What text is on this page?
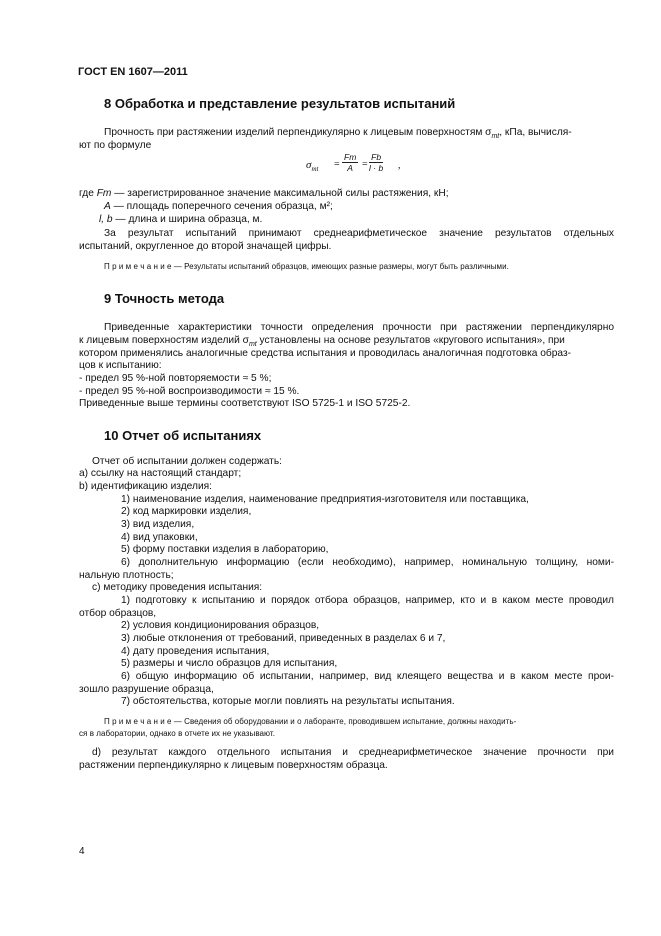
ГОСТ EN 1607—2011
8 Обработка и представление результатов испытаний
Прочность при растяжении изделий перпендикулярно к лицевым поверхностям $\sigma_{mt}$, кПа, вычисля-
ют по формуле
$\sigma_{mt} = \frac{Fm}{A} = \frac{Fb}{l \cdot b}$ ,
где Fm — зарегистрированное значение максимальной силы растяжения, кН;
A — площадь поперечного сечения образца, м²;
l, b — длина и ширина образца, м.
За результат испытаний принимают среднеарифметическое значение результатов отдельных
испытаний, округленное до второй значащей цифры.
П р и м е ч а н и е — Результаты испытаний образцов, имеющих разные размеры, могут быть различными.
9 Точность метода
Приведенные характеристики точности определения прочности при растяжении перпендикулярно
к лицевым поверхностям изделий $\sigma_{mt}$ установлены на основе результатов «кругового испытания», при
котором применялись аналогичные средства испытания и проводилась аналогичная подготовка образ-
цов к испытанию:
- предел 95 %-ной повторяемости ≈ 5 %;
- предел 95 %-ной воспроизводимости ≈ 15 %.
Приведенные выше термины соответствуют ISO 5725-1 и ISO 5725-2.
10 Отчет об испытаниях
Отчет об испытании должен содержать:
a) ссылку на настоящий стандарт;
b) идентификацию изделия:
1) наименование изделия, наименование предприятия-изготовителя или поставщика,
2) код маркировки изделия,
3) вид изделия,
4) вид упаковки,
5) форму поставки изделия в лабораторию,
6) дополнительную информацию (если необходимо), например, номинальную толщину, номи-
нальную плотность;
c) методику проведения испытания:
1) подготовку к испытанию и порядок отбора образцов, например, кто и в каком месте проводил
отбор образцов,
2) условия кондиционирования образцов,
3) любые отклонения от требований, приведенных в разделах 6 и 7,
4) дату проведения испытания,
5) размеры и число образцов для испытания,
6) общую информацию об испытании, например, вид клеящего вещества и в каком месте прои-
зошло разрушение образца,
7) обстоятельства, которые могли повлиять на результаты испытания.
П р и м е ч а н и е — Сведения об оборудовании и о лаборанте, проводившем испытание, должны находить-
ся в лаборатории, однако в отчете их не указывают.
d) результат каждого отдельного испытания и среднеарифметическое значение прочности при
растяжении перпендикулярно к лицевым поверхностям образца.
4
